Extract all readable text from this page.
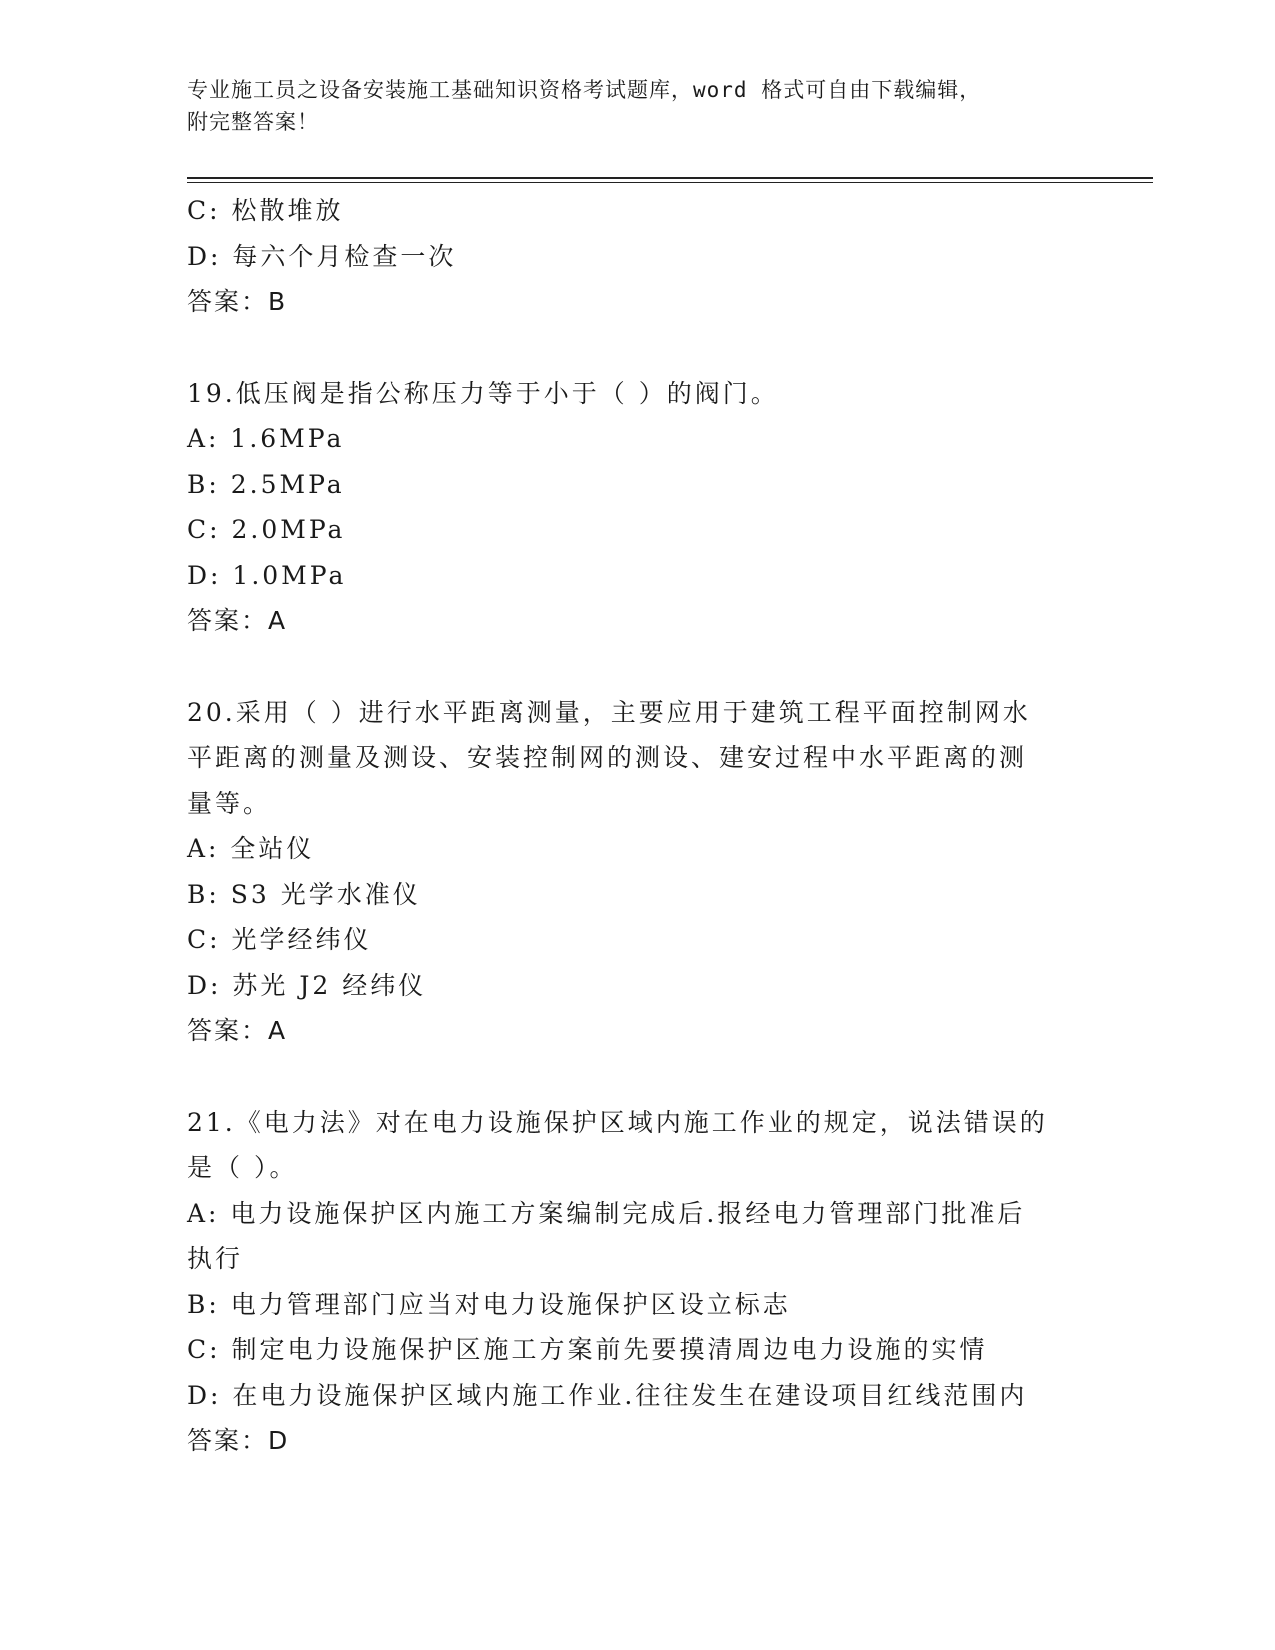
专业施工员之设备安装施工基础知识资格考试题库，word 格式可自由下载编辑，
附完整答案！
C: 松散堆放
D: 每六个月检查一次
答案：B
19.低压阀是指公称压力等于小于（ ）的阀门。
A: 1.6MPa
B: 2.5MPa
C: 2.0MPa
D: 1.0MPa
答案：A
20.采用（ ）进行水平距离测量，主要应用于建筑工程平面控制网水
平距离的测量及测设、安装控制网的测设、建安过程中水平距离的测
量等。
A: 全站仪
B: S3 光学水准仪
C: 光学经纬仪
D: 苏光 J2 经纬仪
答案：A
21.《电力法》对在电力设施保护区域内施工作业的规定，说法错误的
是（ ）。
A: 电力设施保护区内施工方案编制完成后.报经电力管理部门批准后
执行
B: 电力管理部门应当对电力设施保护区设立标志
C: 制定电力设施保护区施工方案前先要摸清周边电力设施的实情
D: 在电力设施保护区域内施工作业.往往发生在建设项目红线范围内
答案：D
